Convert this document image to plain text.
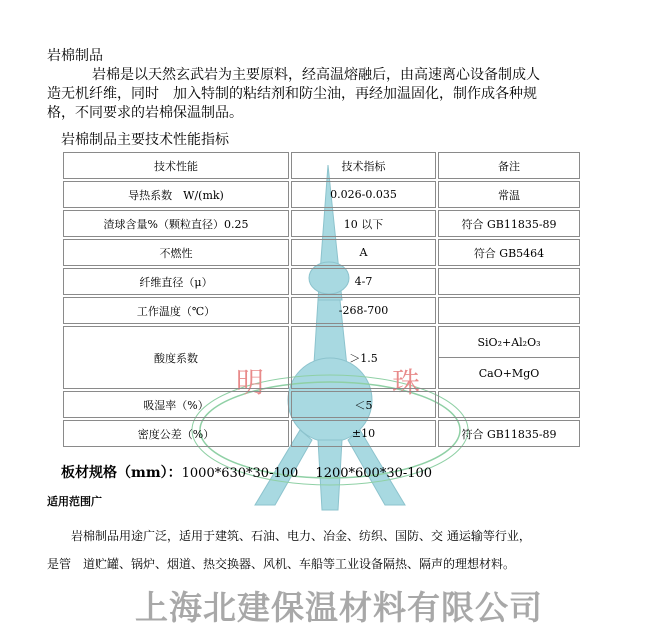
明	珠
岩棉制品
岩棉是以天然玄武岩为主要原料，经高温熔融后，由高速离心设备制成人
造无机纤维，同时　加入特制的粘结剂和防尘油，再经加温固化，制作成各种规
格，不同要求的岩棉保温制品。
岩棉制品主要技术性能指标
技术性能	技术指标	备注
导热系数　W/(mk)	0.026-0.035	常温
渣球含量%（颗粒直径）0.25	10 以下	符合 GB11835-89
不燃性	A	符合 GB5464
纤维直径（μ）	4-7	
工作温度（℃）	-268-700	
酸度系数	＞1.5	SiO₂+Al₂O₃
CaO+MgO

吸湿率（%）	＜5	
密度公差（%）	±10	符合 GB11835-89
板材规格（mm）：1000*630*30-100　 1200*600*30-100
适用范围广
　　岩棉制品用途广泛，适用于建筑、石油、电力、冶金、纺织、国防、交 通运输等行业，
是管　道贮罐、锅炉、烟道、热交换器、风机、车船等工业设备隔热、隔声的理想材料。
上海北建保温材料有限公司
